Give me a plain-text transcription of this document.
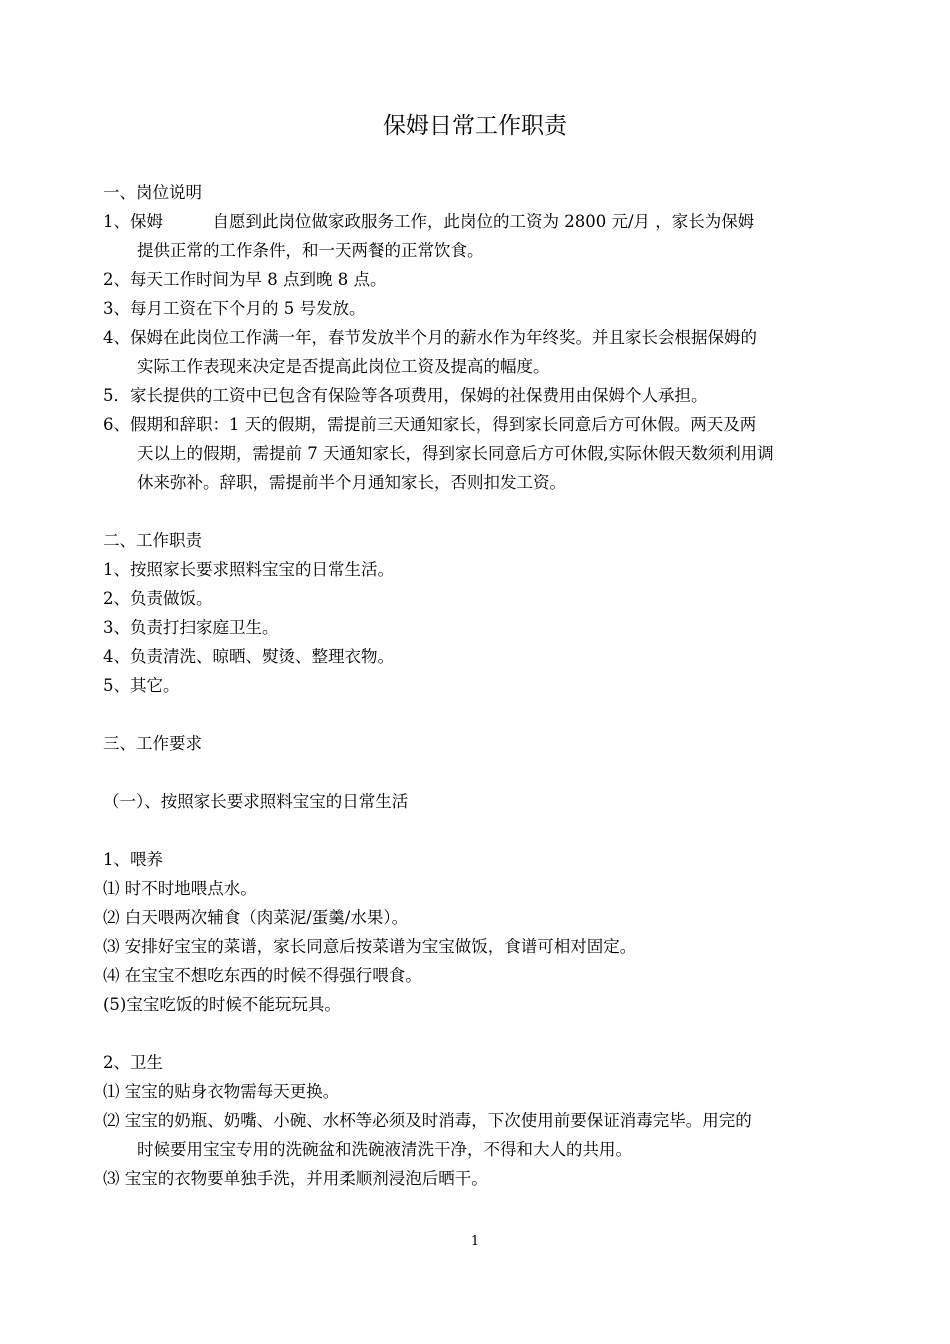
保姆日常工作职责
一、岗位说明
1、保姆　　　自愿到此岗位做家政服务工作，此岗位的工资为 2800 元/月 ，家长为保姆
提供正常的工作条件，和一天两餐的正常饮食。
2、每天工作时间为早 8 点到晚 8 点。
3、每月工资在下个月的 5 号发放。
4、保姆在此岗位工作满一年，春节发放半个月的薪水作为年终奖。并且家长会根据保姆的
实际工作表现来决定是否提高此岗位工资及提高的幅度。
5．家长提供的工资中已包含有保险等各项费用，保姆的社保费用由保姆个人承担。
6、假期和辞职：1 天的假期，需提前三天通知家长，得到家长同意后方可休假。两天及两
天以上的假期，需提前 7 天通知家长，得到家长同意后方可休假,实际休假天数须利用调
休来弥补。辞职，需提前半个月通知家长，否则扣发工资。
二、工作职责
1、按照家长要求照料宝宝的日常生活。
2、负责做饭。
3、负责打扫家庭卫生。
4、负责清洗、晾晒、熨烫、整理衣物。
5、其它。
三、工作要求
（一）、按照家长要求照料宝宝的日常生活
1、喂养
⑴ 时不时地喂点水。
⑵ 白天喂两次辅食（肉菜泥/蛋羹/水果）。
⑶ 安排好宝宝的菜谱，家长同意后按菜谱为宝宝做饭，食谱可相对固定。
⑷ 在宝宝不想吃东西的时候不得强行喂食。
(5)宝宝吃饭的时候不能玩玩具。
2、卫生
⑴ 宝宝的贴身衣物需每天更换。
⑵ 宝宝的奶瓶、奶嘴、小碗、水杯等必须及时消毒，下次使用前要保证消毒完毕。用完的
时候要用宝宝专用的洗碗盆和洗碗液清洗干净，不得和大人的共用。
⑶ 宝宝的衣物要单独手洗，并用柔顺剂浸泡后晒干。
1
